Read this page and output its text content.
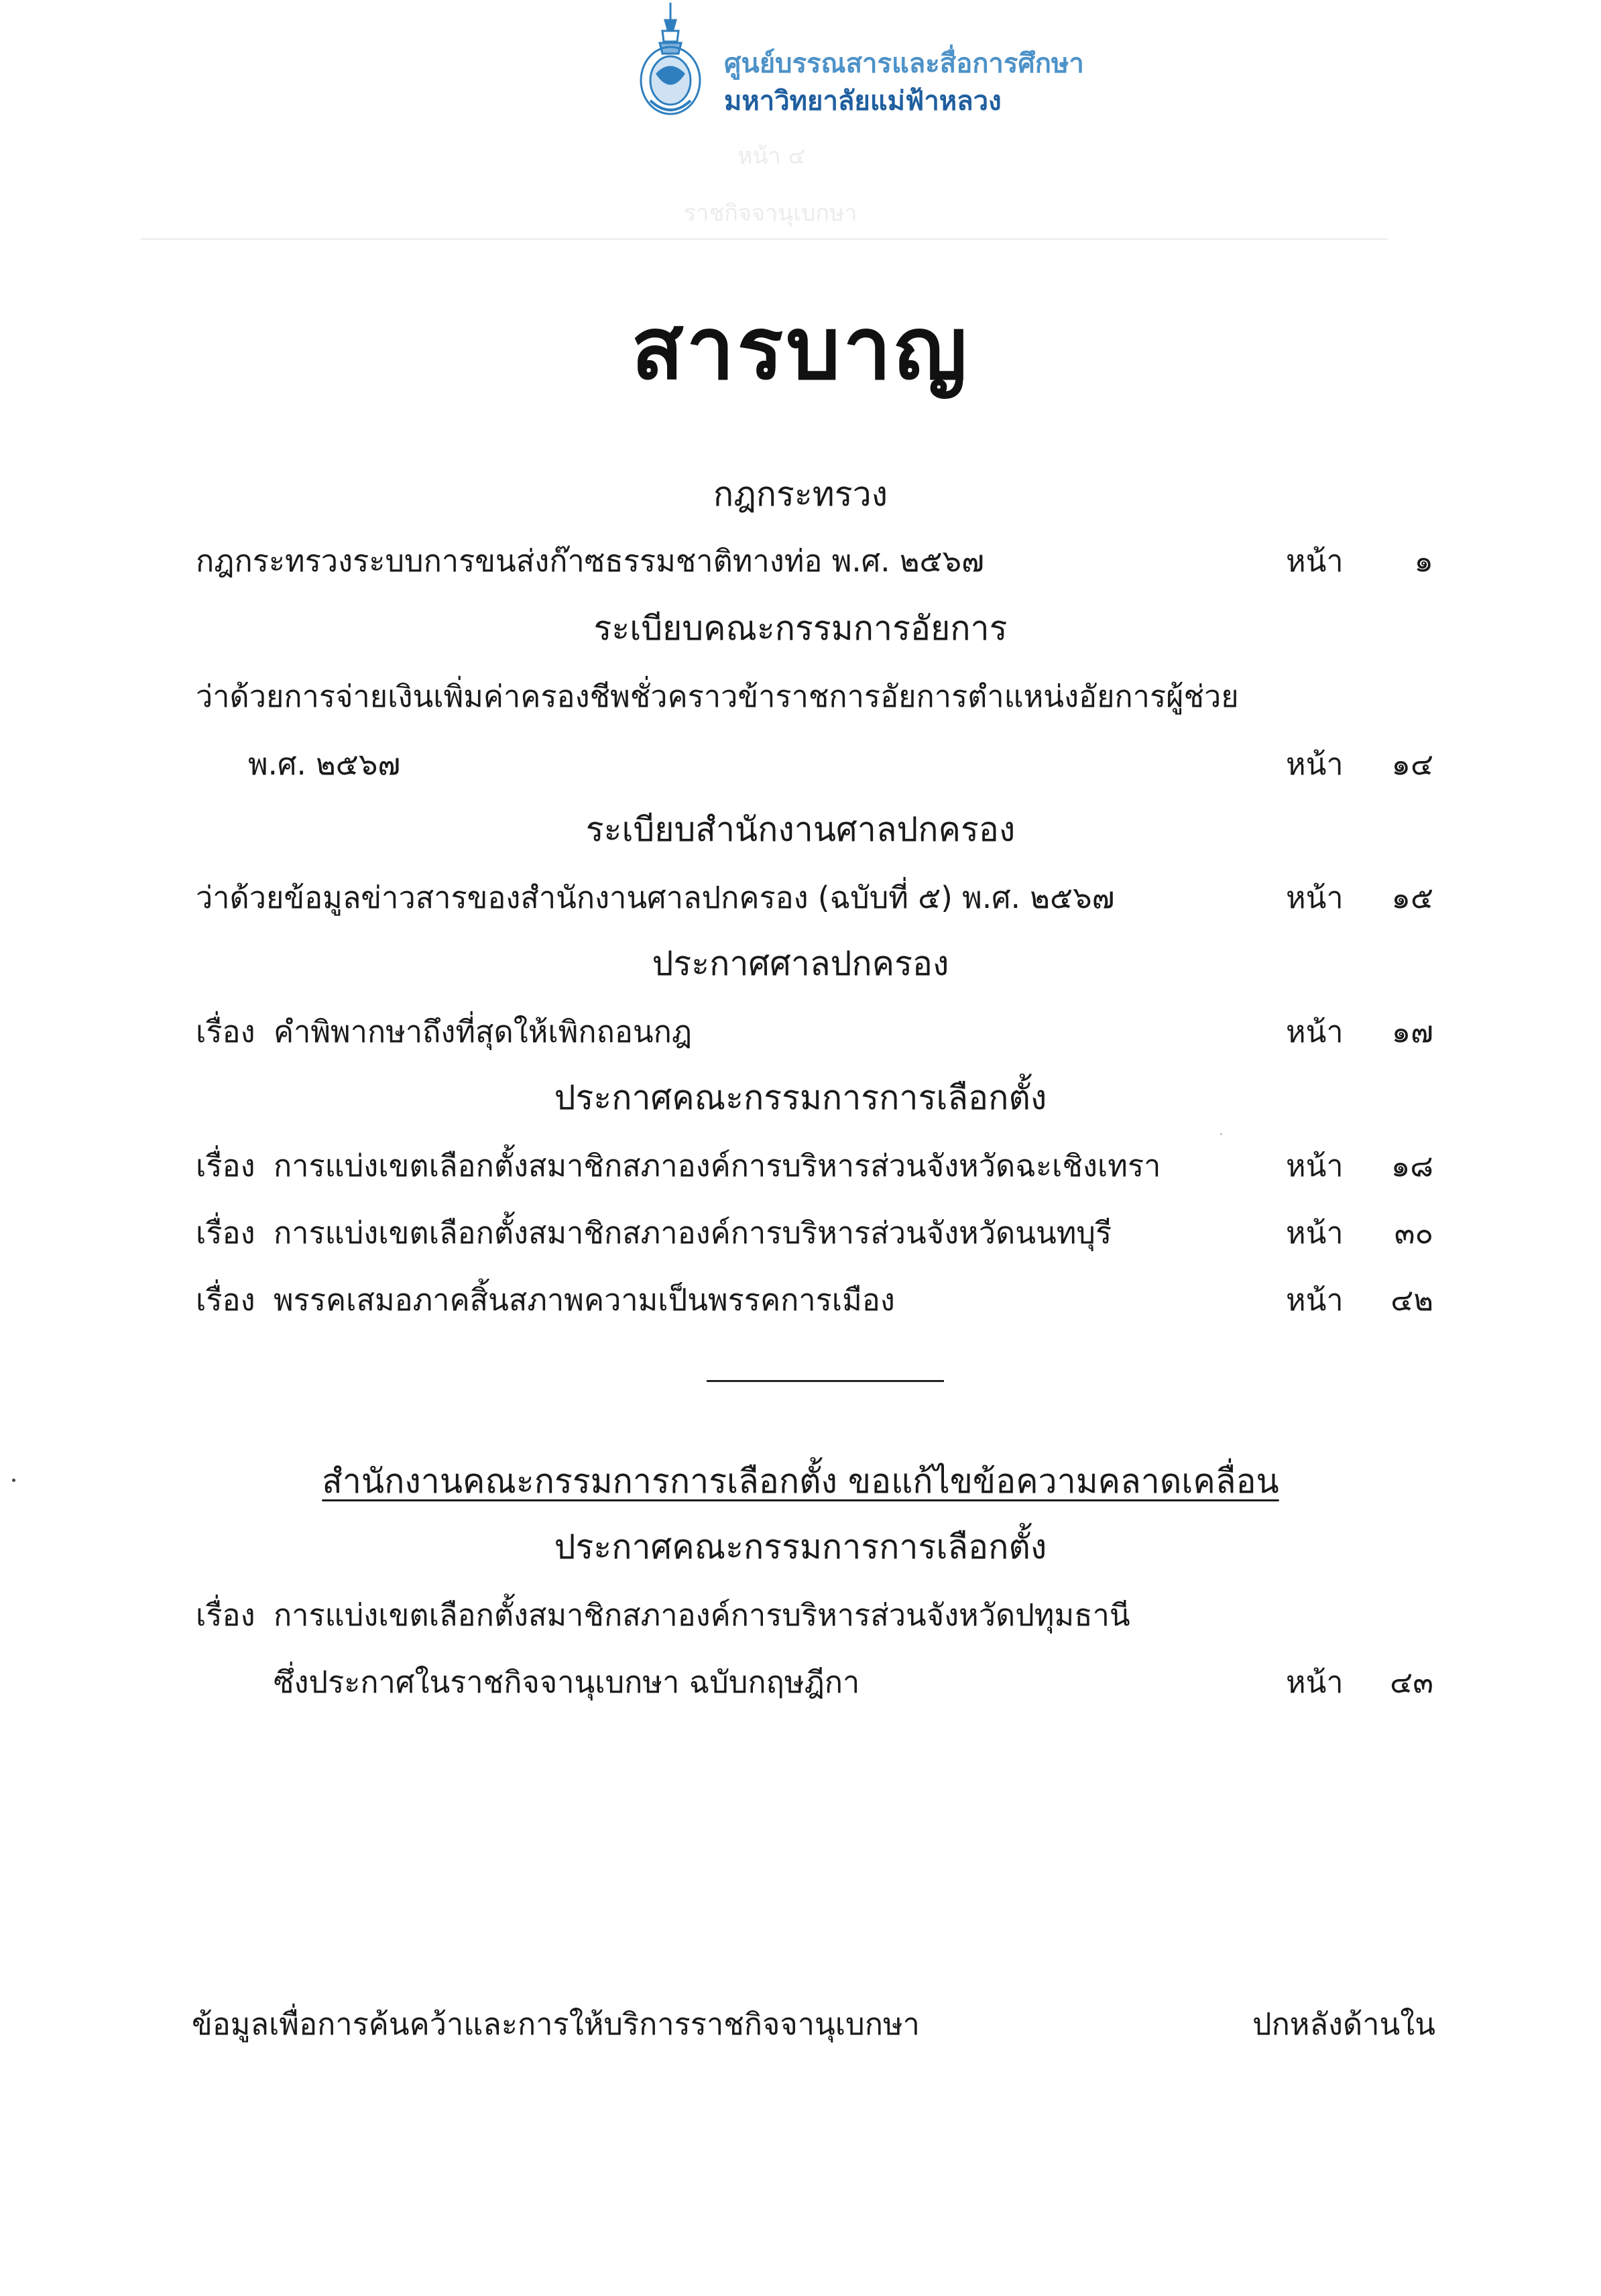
ศูนย์บรรณสารและสื่อการศึกษา
มหาวิทยาลัยแม่ฟ้าหลวง
หน้า ๔
ราชกิจจานุเบกษา
สารบาญ
กฎกระทรวง
กฎกระทรวงระบบการขนส่งก๊าซธรรมชาติทางท่อ พ.ศ. ๒๕๖๗	หน้า	๑
ระเบียบคณะกรรมการอัยการ
ว่าด้วยการจ่ายเงินเพิ่มค่าครองชีพชั่วคราวข้าราชการอัยการตำแหน่งอัยการผู้ช่วย
พ.ศ. ๒๕๖๗	หน้า	๑๔
ระเบียบสำนักงานศาลปกครอง
ว่าด้วยข้อมูลข่าวสารของสำนักงานศาลปกครอง (ฉบับที่ ๕) พ.ศ. ๒๕๖๗	หน้า	๑๕
ประกาศศาลปกครอง
เรื่อง คำพิพากษาถึงที่สุดให้เพิกถอนกฎ	หน้า	๑๗
ประกาศคณะกรรมการการเลือกตั้ง
เรื่อง การแบ่งเขตเลือกตั้งสมาชิกสภาองค์การบริหารส่วนจังหวัดฉะเชิงเทรา	หน้า	๑๘
เรื่อง การแบ่งเขตเลือกตั้งสมาชิกสภาองค์การบริหารส่วนจังหวัดนนทบุรี	หน้า	๓๐
เรื่อง พรรคเสมอภาคสิ้นสภาพความเป็นพรรคการเมือง	หน้า	๔๒
สำนักงานคณะกรรมการการเลือกตั้ง ขอแก้ไขข้อความคลาดเคลื่อน
ประกาศคณะกรรมการการเลือกตั้ง
เรื่อง การแบ่งเขตเลือกตั้งสมาชิกสภาองค์การบริหารส่วนจังหวัดปทุมธานี
ซึ่งประกาศในราชกิจจานุเบกษา ฉบับกฤษฎีกา	หน้า	๔๓
ข้อมูลเพื่อการค้นคว้าและการให้บริการราชกิจจานุเบกษา	ปกหลังด้านใน
